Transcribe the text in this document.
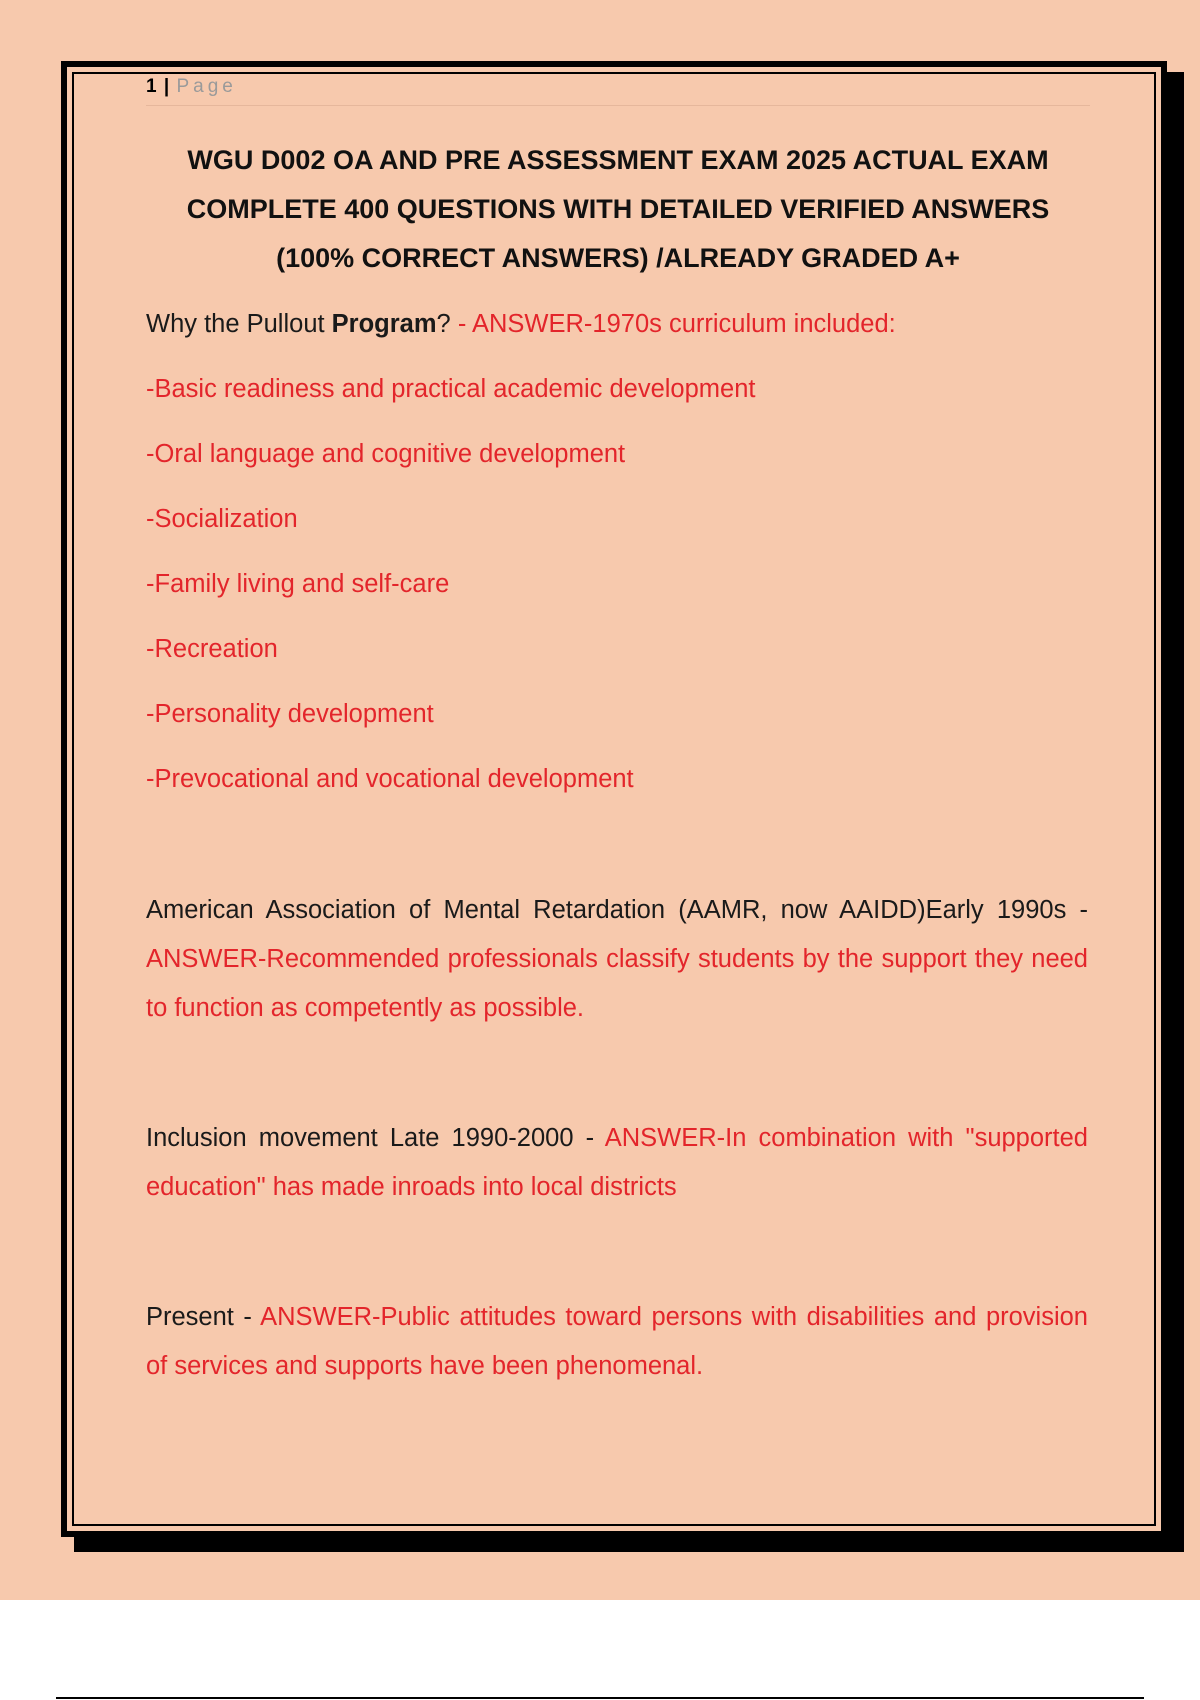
1 | Page
WGU D002 OA AND PRE ASSESSMENT EXAM 2025 ACTUAL EXAM
COMPLETE 400 QUESTIONS WITH DETAILED VERIFIED ANSWERS
(100% CORRECT ANSWERS) /ALREADY GRADED A+
Why the Pullout Program? - ANSWER-1970s curriculum included:
-Basic readiness and practical academic development
-Oral language and cognitive development
-Socialization
-Family living and self-care
-Recreation
-Personality development
-Prevocational and vocational development
American Association of Mental Retardation (AAMR, now AAIDD)Early 1990s - ANSWER-Recommended professionals classify students by the support they need to function as competently as possible.
Inclusion movement Late 1990-2000 - ANSWER-In combination with "supported education" has made inroads into local districts
Present - ANSWER-Public attitudes toward persons with disabilities and provision of services and supports have been phenomenal.
